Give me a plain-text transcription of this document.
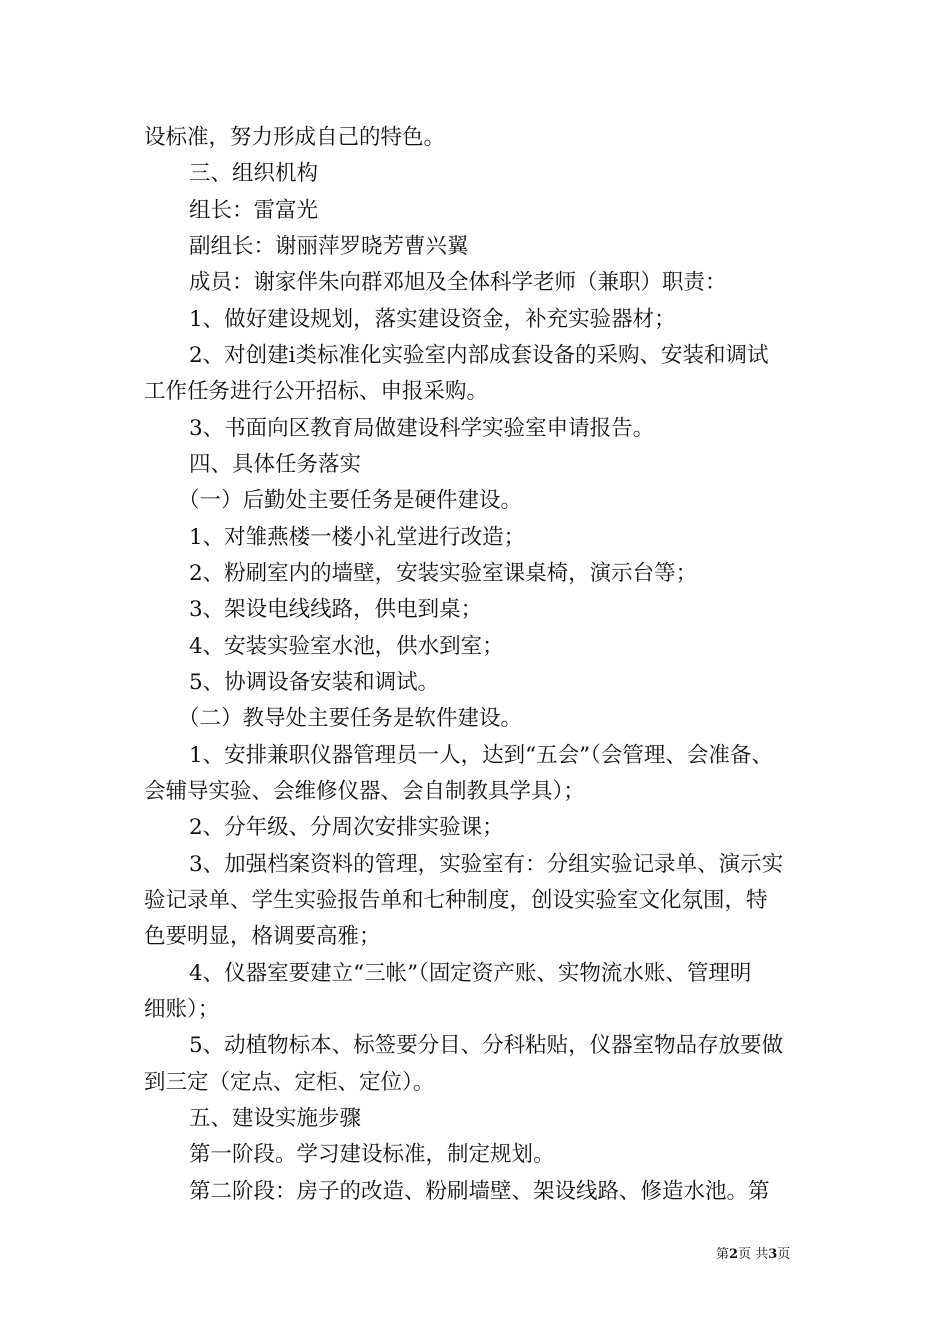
设标准，努力形成自己的特色。
三、组织机构
组长：雷富光
副组长：谢丽萍罗晓芳曹兴翼
成员：谢家伴朱向群邓旭及全体科学老师（兼职）职责：
1、做好建设规划，落实建设资金，补充实验器材；
2、对创建ⅰ类标准化实验室内部成套设备的采购、安装和调试
工作任务进行公开招标、申报采购。
3、书面向区教育局做建设科学实验室申请报告。
四、具体任务落实
（一）后勤处主要任务是硬件建设。
1、对雏燕楼一楼小礼堂进行改造；
2、粉刷室内的墙壁，安装实验室课桌椅，演示台等；
3、架设电线线路，供电到桌；
4、安装实验室水池，供水到室；
5、协调设备安装和调试。
（二）教导处主要任务是软件建设。
1、安排兼职仪器管理员一人，达到“五会”（会管理、会准备、
会辅导实验、会维修仪器、会自制教具学具）；
2、分年级、分周次安排实验课；
3、加强档案资料的管理，实验室有：分组实验记录单、演示实
验记录单、学生实验报告单和七种制度，创设实验室文化氛围，特
色要明显，格调要高雅；
4、仪器室要建立“三帐”（固定资产账、实物流水账、管理明
细账）；
5、动植物标本、标签要分目、分科粘贴，仪器室物品存放要做
到三定（定点、定柜、定位）。
五、建设实施步骤
第一阶段。学习建设标准，制定规划。
第二阶段：房子的改造、粉刷墙壁、架设线路、修造水池。第
第2页 共3页
